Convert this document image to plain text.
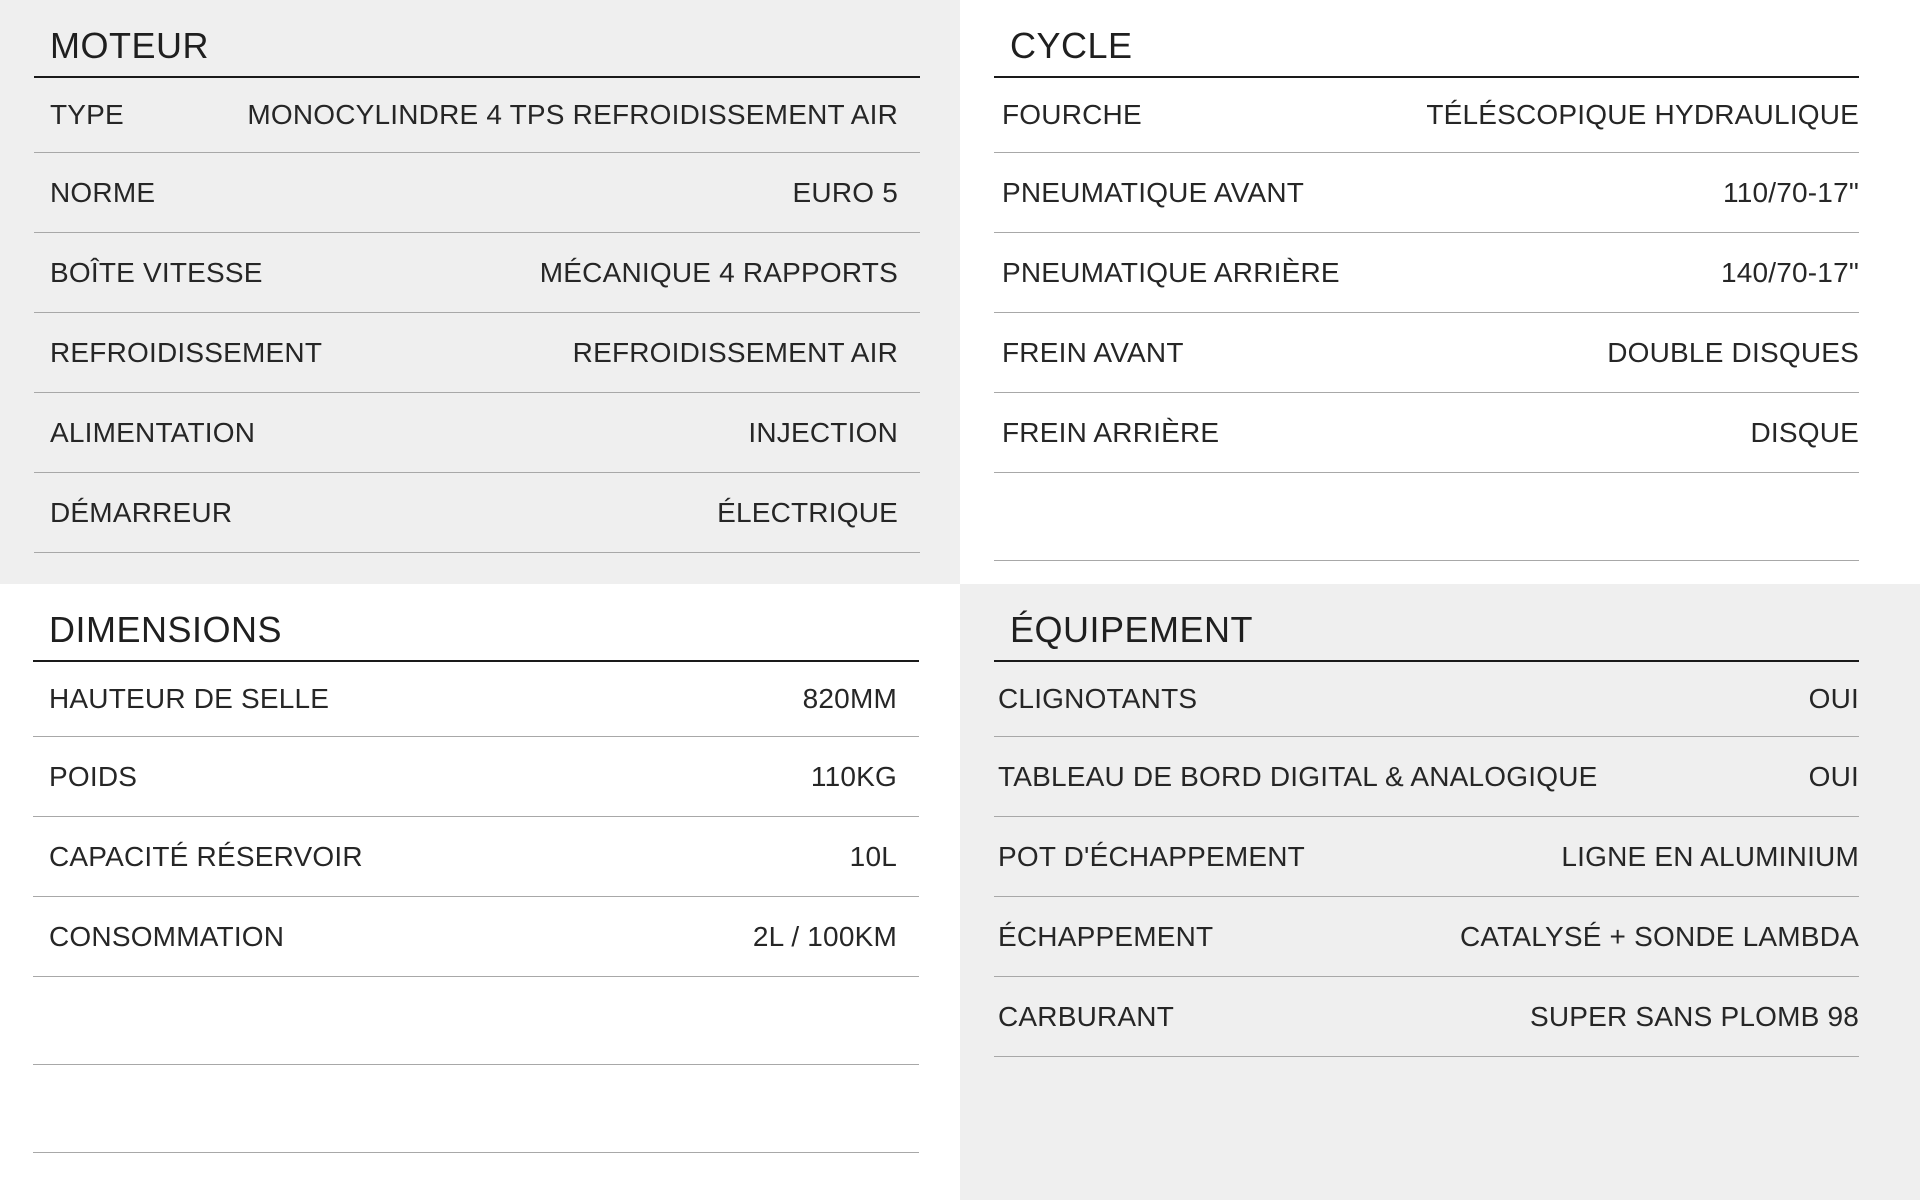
MOTEUR
TYPE	MONOCYLINDRE 4 TPS REFROIDISSEMENT AIR
NORME	EURO 5
BOÎTE VITESSE	MÉCANIQUE 4 RAPPORTS
REFROIDISSEMENT	REFROIDISSEMENT AIR
ALIMENTATION	INJECTION
DÉMARREUR	ÉLECTRIQUE
CYCLE
FOURCHE	TÉLÉSCOPIQUE HYDRAULIQUE
PNEUMATIQUE AVANT	110/70-17"
PNEUMATIQUE ARRIÈRE	140/70-17"
FREIN AVANT	DOUBLE DISQUES
FREIN ARRIÈRE	DISQUE
DIMENSIONS
HAUTEUR DE SELLE	820MM
POIDS	110KG
CAPACITÉ RÉSERVOIR	10L
CONSOMMATION	2L / 100KM
ÉQUIPEMENT
CLIGNOTANTS	OUI
TABLEAU DE BORD DIGITAL & ANALOGIQUE	OUI
POT D'ÉCHAPPEMENT	LIGNE EN ALUMINIUM
ÉCHAPPEMENT	CATALYSÉ + SONDE LAMBDA
CARBURANT	SUPER SANS PLOMB 98
